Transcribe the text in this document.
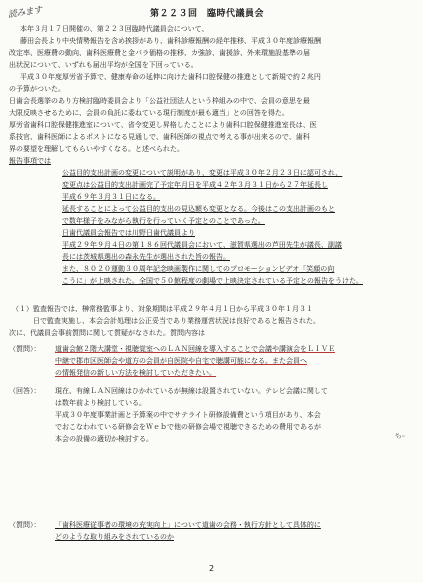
読みます	第２２３回　臨時代議員会
本年３月１７日開催の、第２２３回臨時代議員会について、
藤田会長より中央情勢報告を含め挨拶があり、歯科診療報酬の経年推移、平成３０年度診療報酬
改定率、医療費の動向、歯科医療費と金パラ価格の推移、カ強診、歯援診、外来環施設基準の届
出状況について、いずれも届出平均が全国を下回っている。
平成３０年度厚労省予算で、健康寿命の延伸に向けた歯科口腔保健の推進として新規で約２兆円
の予算がついた。
日歯会長選挙のあり方検討臨時委員会より「公益社団法人という枠組みの中で、会員の意思を最
大限反映させるために、会員の負託に委ねている現行制度が最も適当」との回答を得た。
厚労省歯科口腔保健推進室について、省令変更し昇格したことにより歯科口腔保健推進室長は、医
系技官、歯科医師によるポストになる見通しで、歯科医師の視点で考える事が出来るので、歯科
界の要望を理解してもらいやすくなる。と述べられた。
報告事項では
公益目的支出計画の変更について説明があり、変更は平成３０年２月２３日に認可され、
変更点は公益目的支出計画完了予定年月日を平成４２年３月３１日から２７年延長し
平成６９年３月３１日になる。
延長することによって公益目的支出の見込額も変更となる。今後はこの支出計画のもと
で数年様子をみながら執行を行っていく予定とのことであった。
日歯代議員会報告では川野日歯代議員より
平成２９年９月４日の第１８６回代議員会において、滋賀県選出の芦田先生が議長、副議
長には茨城県選出の森永先生が選出された旨の報告。
また、８０２０運動３０周年記念映画製作に関してのプロモーションビデオ「笑顔の向
こうに」が上映された。全国で５０館程度の劇場で上映決定されている予定との報告をうけた。
（１）監査報告では、榊常務監事より、対象期間は平成２９年４月１日から平成３０年１月３１
日で監査実施し、本会会計処理は公正妥当であり業務運営状況は良好であると報告された。
次に、代議員会事前質問に関して質疑がなされた。質問内容は
（質問）： 道歯会館２階大講堂・視聴覚室へのＬＡＮ回線を導入することで会議や講演会をＬＩＶＥ
中継で郡市区医師会や道方の会員が自医院や自宅で聴講可能になる。また会員へ
の情報発信の新しい方法を検討していただきたい。
（回答）： 現在、有線ＬＡＮ回線はひかれているが無線は設置されていない。テレビ会議に関して
は数年前より検討している。
平成３０年度事業計画と予算案の中でサテライト研修設備費という項目があり、本会
でおこなわれている研修会をＷｅｂで他の研修会場で視聴できるための費用であるが
本会の設備の適切か検討する。	ち。
（質問）： 「歯科医療従事者の環境の充実向上」について道歯の会務・執行方針として具体的に
どのような取り組みをされているのか
2
